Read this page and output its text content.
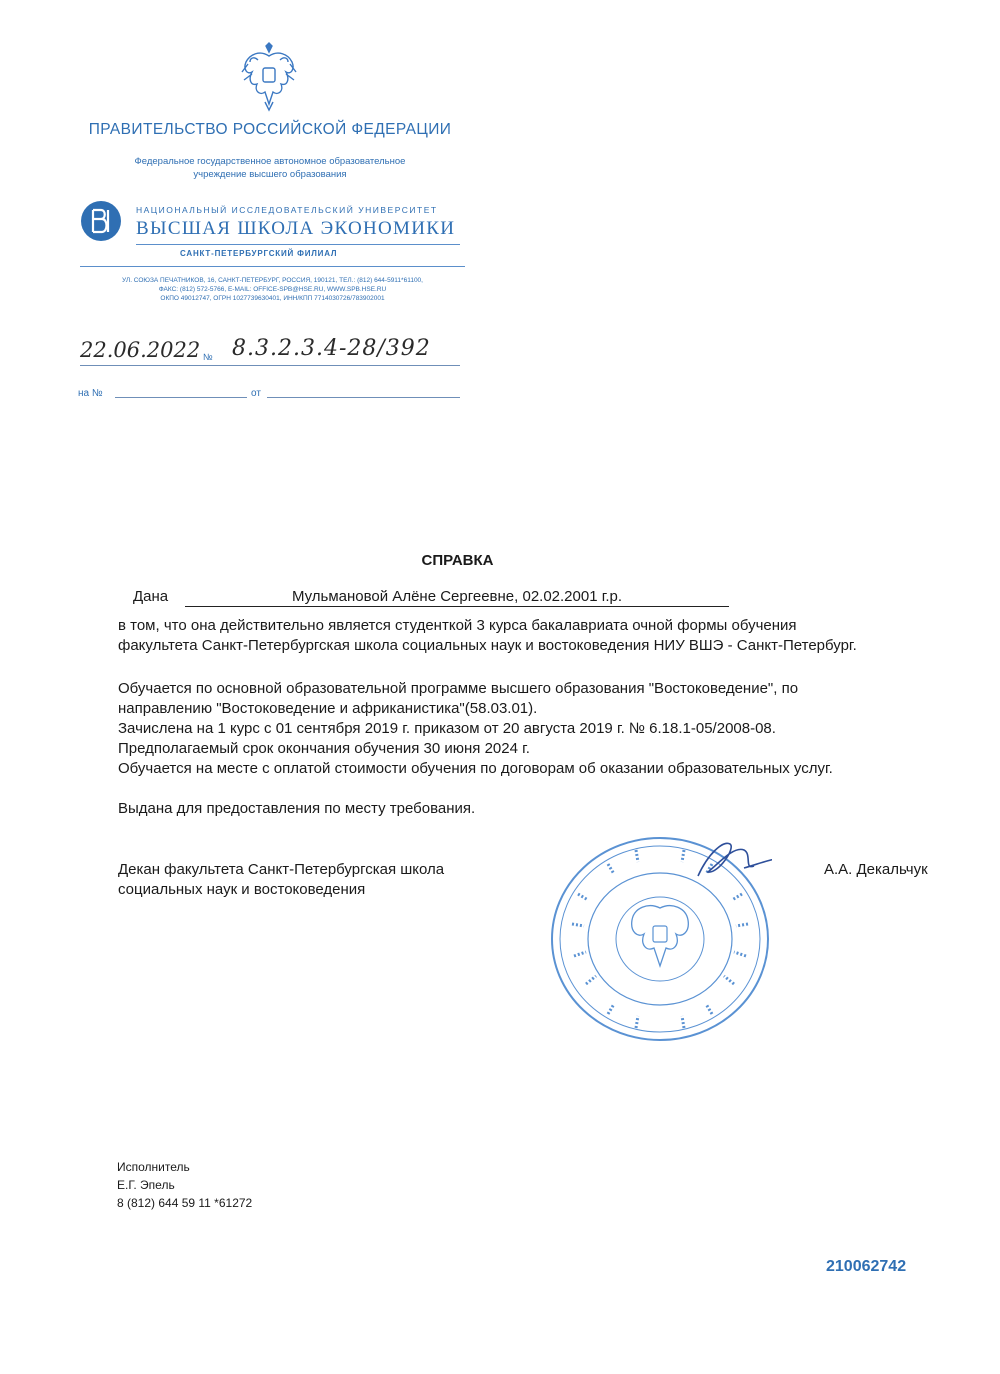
ПРАВИТЕЛЬСТВО РОССИЙСКОЙ ФЕДЕРАЦИИ
Федеральное государственное автономное образовательное
учреждение высшего образования
НАЦИОНАЛЬНЫЙ ИССЛЕДОВАТЕЛЬСКИЙ УНИВЕРСИТЕТ
ВЫСШАЯ ШКОЛА ЭКОНОМИКИ
САНКТ-ПЕТЕРБУРГСКИЙ ФИЛИАЛ
УЛ. СОЮЗА ПЕЧАТНИКОВ, 16, САНКТ-ПЕТЕРБУРГ, РОССИЯ, 190121, ТЕЛ.: (812) 644-5911*61100,
ФАКС: (812) 572-5766, E-MAIL: OFFICE-SPB@HSE.RU, WWW.SPB.HSE.RU
ОКПО 49012747, ОГРН 1027739630401, ИНН/КПП 7714030726/783902001
22.06.2022 № 8.3.2.3.4-28/392
на №	от
СПРАВКА
Дана	Мульмановой Алёне Сергеевне, 02.02.2001 г.р.
в том, что она действительно является студенткой 3 курса бакалавриата очной формы обучения
факультета Санкт-Петербургская школа социальных наук и востоковедения НИУ ВШЭ - Санкт-Петербург.
Обучается по основной образовательной программе высшего образования "Востоковедение", по
направлению "Востоковедение и африканистика"(58.03.01).
Зачислена на 1 курс с 01 сентября 2019 г. приказом от 20 августа 2019 г. № 6.18.1-05/2008-08.
Предполагаемый срок окончания обучения 30 июня 2024 г.
Обучается на месте с оплатой стоимости обучения по договорам об оказании образовательных услуг.
Выдана для предоставления по месту требования.
Декан факультета Санкт-Петербургская школа
социальных наук и востоковедения
А.А. Декальчук
Исполнитель
Е.Г. Эпель
8 (812) 644 59 11 *61272
210062742
